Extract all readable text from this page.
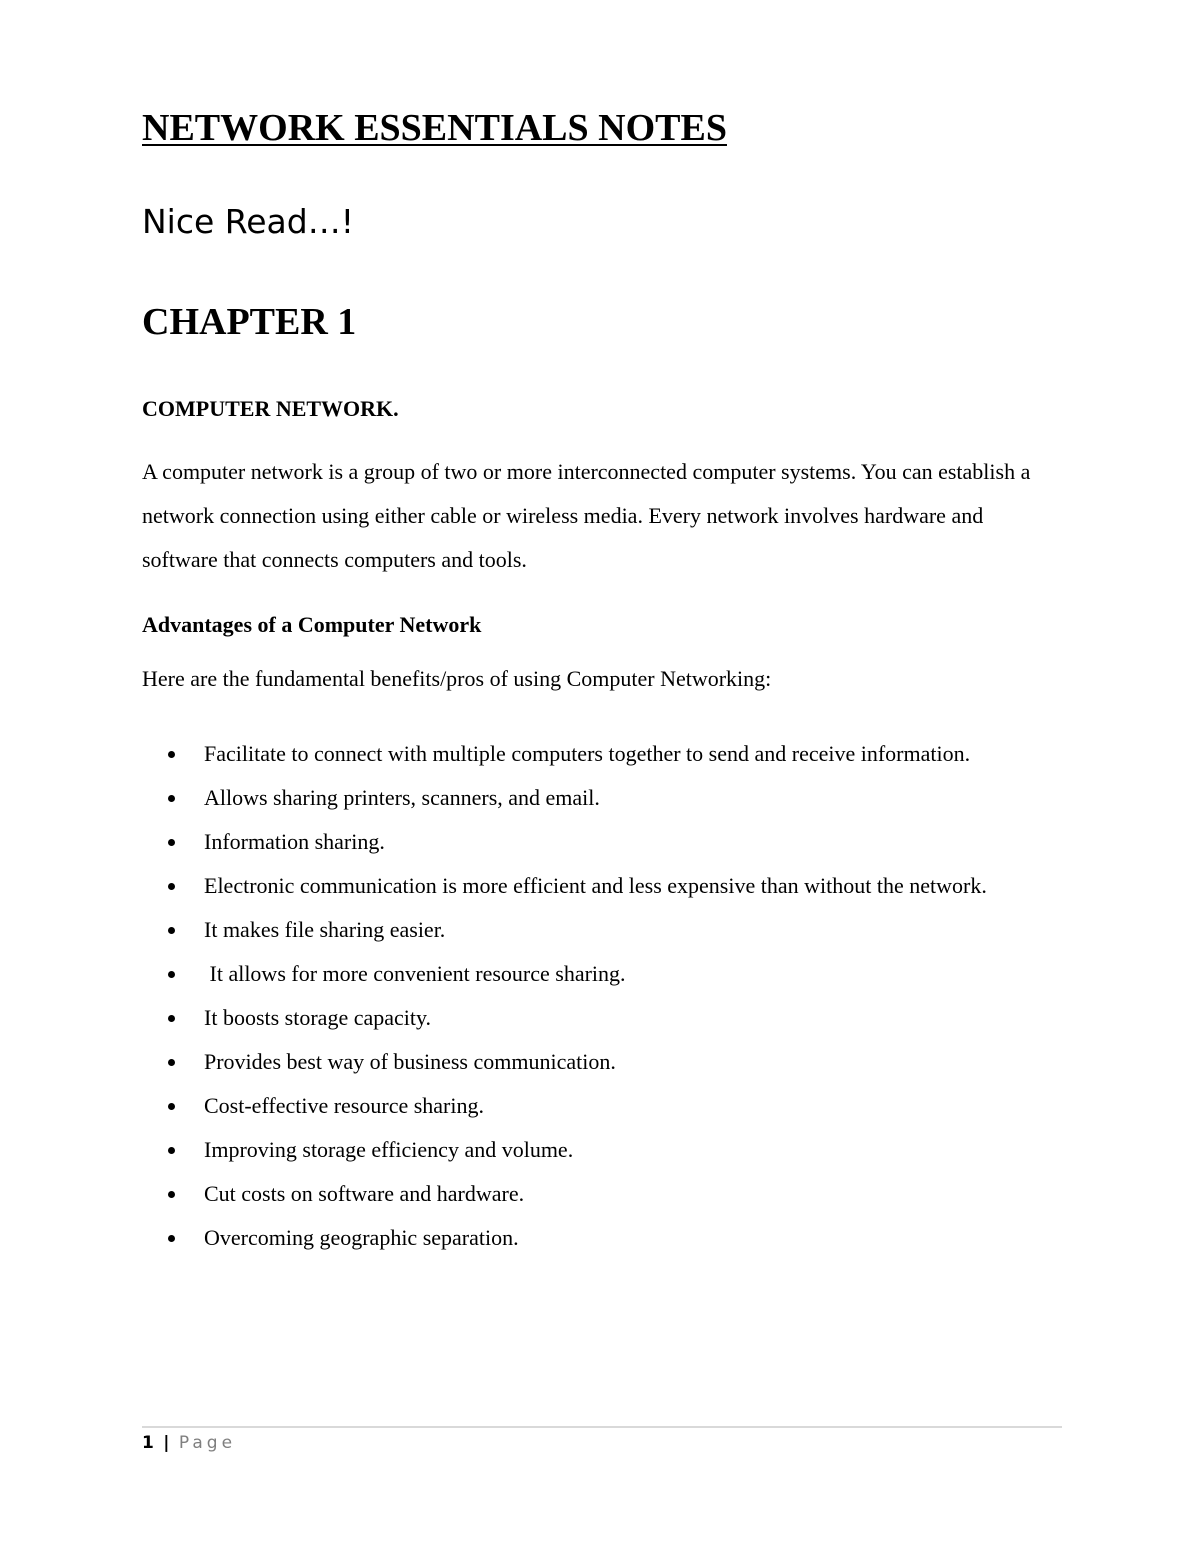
NETWORK ESSENTIALS NOTES
Nice Read…!
CHAPTER 1
COMPUTER NETWORK.

A computer network is a group of two or more interconnected computer systems. You can establish a network connection using either cable or wireless media. Every network involves hardware and software that connects computers and tools.

Advantages of a Computer Network

Here are the fundamental benefits/pros of using Computer Networking:

Facilitate to connect with multiple computers together to send and receive information.
Allows sharing printers, scanners, and email.
Information sharing.
Electronic communication is more efficient and less expensive than without the network.
It makes file sharing easier.
It allows for more convenient resource sharing.
It boosts storage capacity.
Provides best way of business communication.
Cost-effective resource sharing.
Improving storage efficiency and volume.
Cut costs on software and hardware.
Overcoming geographic separation.
1 | Page
